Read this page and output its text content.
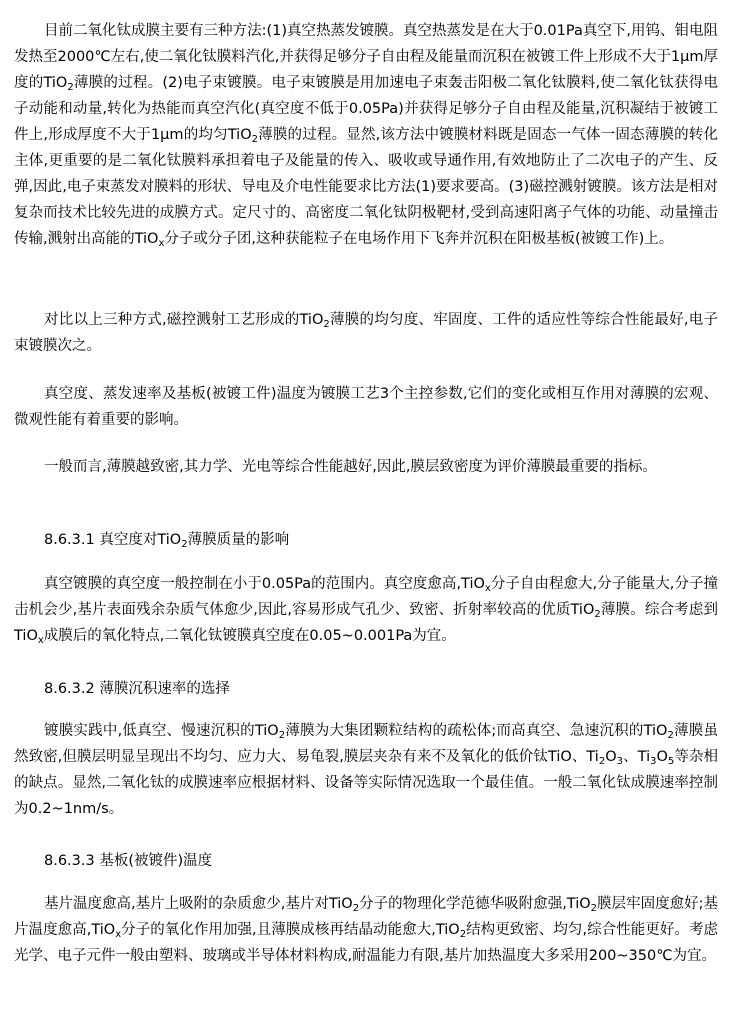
目前二氧化钛成膜主要有三种方法:(1)真空热蒸发镀膜。真空热蒸发是在大于0.01Pa真空下,用钨、钼电阻发热至2000℃左右,使二氧化钛膜料汽化,并获得足够分子自由程及能量而沉积在被镀工件上形成不大于1μm厚度的TiO$_2$薄膜的过程。(2)电子束镀膜。电子束镀膜是用加速电子束轰击阳极二氧化钛膜料,使二氧化钛获得电子动能和动量,转化为热能而真空汽化(真空度不低于0.05Pa)并获得足够分子自由程及能量,沉积凝结于被镀工件上,形成厚度不大于1μm的均匀TiO$_2$薄膜的过程。显然,该方法中镀膜材料既是固态一气体一固态薄膜的转化主体,更重要的是二氧化钛膜料承担着电子及能量的传入、吸收或导通作用,有效地防止了二次电子的产生、反弹,因此,电子束蒸发对膜料的形状、导电及介电性能要求比方法(1)要求要高。(3)磁控溅射镀膜。该方法是相对复杂而技术比较先进的成膜方式。定尺寸的、高密度二氧化钛阴极靶材,受到高速阳离子气体的功能、动量撞击传输,溅射出高能的TiO$_x$分子或分子团,这种获能粒子在电场作用下飞奔并沉积在阳极基板(被镀工作)上。

对比以上三种方式,磁控溅射工艺形成的TiO$_2$薄膜的均匀度、牢固度、工件的适应性等综合性能最好,电子束镀膜次之。

真空度、蒸发速率及基板(被镀工件)温度为镀膜工艺3个主控参数,它们的变化或相互作用对薄膜的宏观、微观性能有着重要的影响。

一般而言,薄膜越致密,其力学、光电等综合性能越好,因此,膜层致密度为评价薄膜最重要的指标。

8.6.3.1 真空度对TiO$_2$薄膜质量的影响

真空镀膜的真空度一般控制在小于0.05Pa的范围内。真空度愈高,TiO$_x$分子自由程愈大,分子能量大,分子撞击机会少,基片表面残余杂质气体愈少,因此,容易形成气孔少、致密、折射率较高的优质TiO$_2$薄膜。综合考虑到TiO$_x$成膜后的氧化特点,二氧化钛镀膜真空度在0.05~0.001Pa为宜。

8.6.3.2 薄膜沉积速率的选择

镀膜实践中,低真空、慢速沉积的TiO$_2$薄膜为大集团颗粒结构的疏松体;而高真空、急速沉积的TiO$_2$薄膜虽然致密,但膜层明显呈现出不均匀、应力大、易龟裂,膜层夹杂有来不及氧化的低价钛TiO、$Ti_2O_3$、$Ti_3O_5$等杂相的缺点。显然,二氧化钛的成膜速率应根据材料、设备等实际情况选取一个最佳值。一般二氧化钛成膜速率控制为0.2~1nm/s。

8.6.3.3 基板(被镀件)温度

基片温度愈高,基片上吸附的杂质愈少,基片对TiO$_2$分子的物理化学范德华吸附愈强,TiO$_2$膜层牢固度愈好;基片温度愈高,TiO$_x$分子的氧化作用加强,且薄膜成核再结晶动能愈大,TiO$_2$结构更致密、均匀,综合性能更好。考虑光学、电子元件一般由塑料、玻璃或半导体材料构成,耐温能力有限,基片加热温度大多采用200~350℃为宜。
